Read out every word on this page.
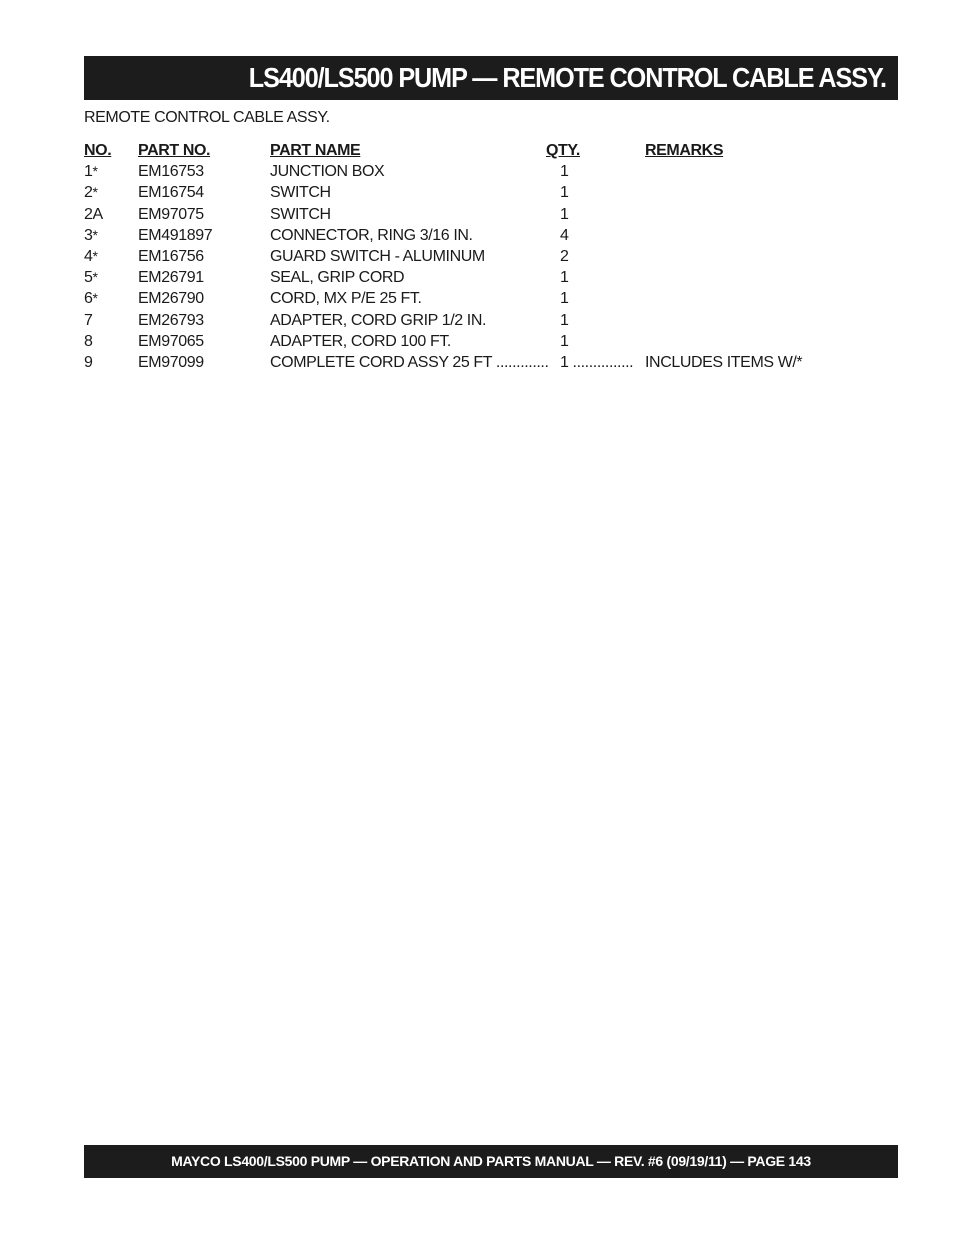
LS400/LS500 PUMP — REMOTE CONTROL CABLE ASSY.
REMOTE CONTROL CABLE ASSY.
NO. PART NO.	PART NAME	QTY.	REMARKS
1*	EM16753	JUNCTION BOX	1
2*	EM16754	SWITCH	1
2A EM97075	SWITCH	1
3*	EM491897	CONNECTOR, RING 3/16 IN.	4
4*	EM16756	GUARD SWITCH - ALUMINUM	2
5*	EM26791	SEAL, GRIP CORD	1
6*	EM26790	CORD, MX P/E 25 FT.	1
7	EM26793	ADAPTER, CORD GRIP 1/2 IN.	1
8	EM97065	ADAPTER, CORD 100 FT.	1
9	EM97099	COMPLETE CORD ASSY 25 FT ............. 1 ............... INCLUDES ITEMS W/*
MAYCO LS400/LS500 PUMP — OPERATION AND PARTS MANUAL — REV. #6 (09/19/11) — PAGE 143
